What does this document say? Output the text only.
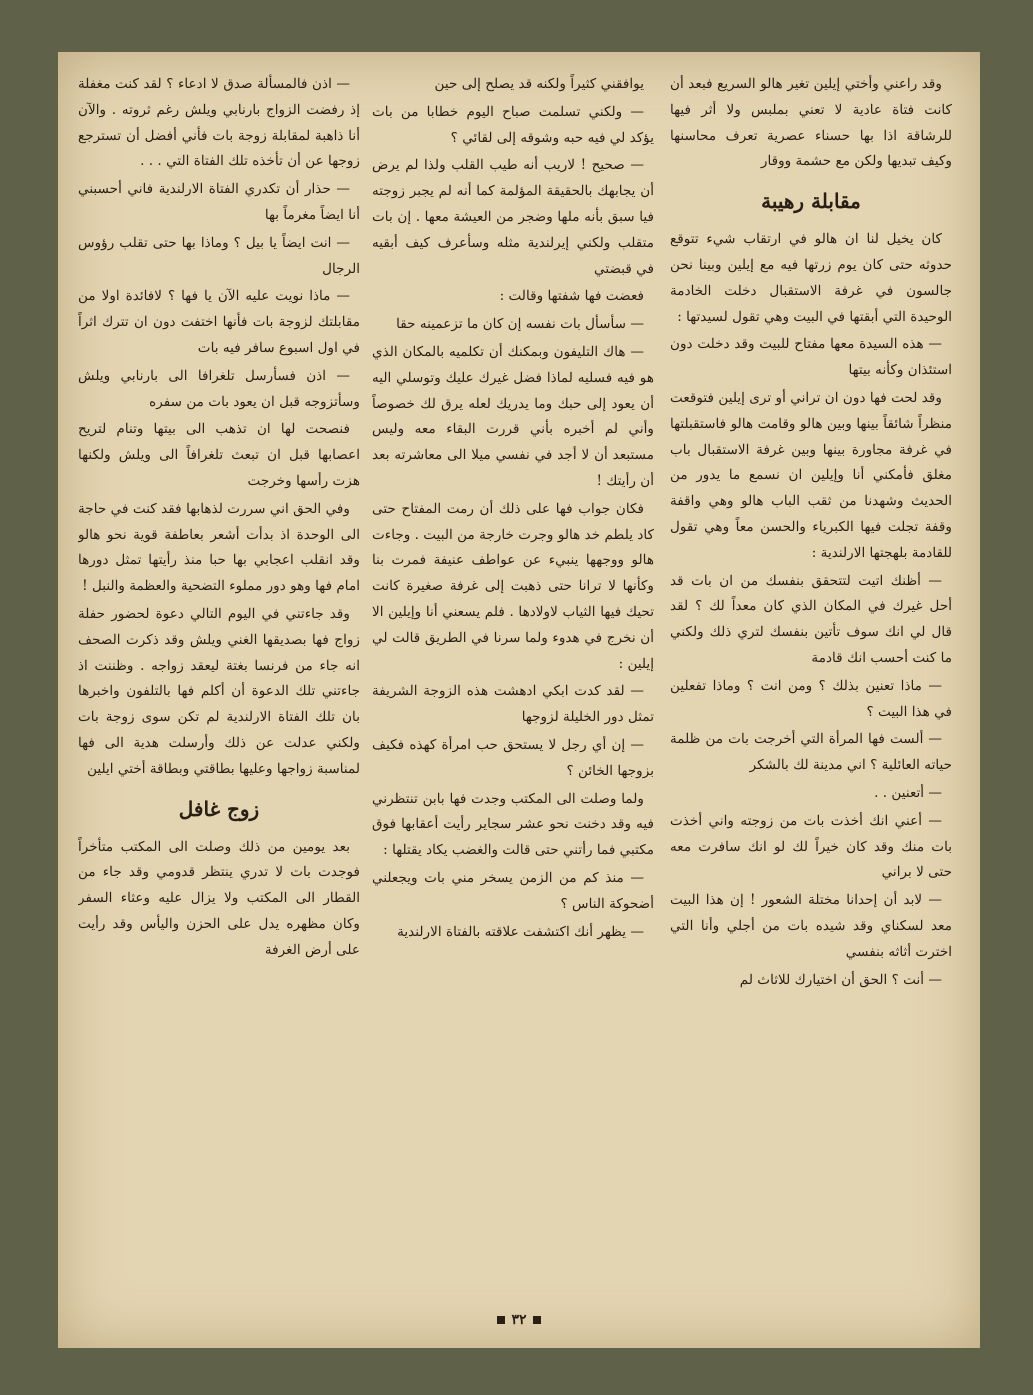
وقد راعني وأختي إيلين تغير هالو السريع فبعد أن كانت فتاة عادية لا تعني بملبس ولا أثر فيها للرشاقة اذا بها حسناء عصرية تعرف محاسنها وكيف تبديها ولكن مع حشمة ووقار

مقابلة رهيبة

كان يخيل لنا ان هالو في ارتقاب شيء تتوقع حدوثه حتى كان يوم زرتها فيه مع إيلين وبينا نحن جالسون في غرفة الاستقبال دخلت الخادمة الوحيدة التي أبقتها في البيت وهي تقول لسيدتها :

— هذه السيدة معها مفتاح للبيت وقد دخلت دون استئذان وكأنه بيتها

وقد لحت فها دون ان تراني أو ترى إيلين فتوقعت منظراً شائقاً بينها وبين هالو وقامت هالو فاستقبلتها في غرفة مجاورة بينها وبين غرفة الاستقبال باب مغلق فأمكني أنا وإيلين ان نسمع ما يدور من الحديث وشهدنا من ثقب الباب هالو وهي واقفة وقفة تجلت فيها الكبرياء والحسن معاً وهي تقول للقادمة بلهجتها الارلندية :

— أظنك اتيت لتتحقق بنفسك من ان بات قد أحل غيرك في المكان الذي كان معداً لك ؟ لقد قال لي انك سوف تأتين بنفسك لتري ذلك ولكني ما كنت أحسب انك قادمة

— ماذا تعنين بذلك ؟ ومن انت ؟ وماذا تفعلين في هذا البيت ؟

— ألست فها المرأة التي أخرجت بات من ظلمة حياته العائلية ؟ اني مدينة لك بالشكر

— أتعنين . .

— أعني انك أخذت بات من زوجته واني أخذت بات منك وقد كان خيراً لك لو انك سافرت معه حتى لا براني

— لابد أن إحدانا مختلة الشعور ! إن هذا البيت معد لسكناي وقد شيده بات من أجلي وأنا التي اخترت أثاثه بنفسي

— أنت ؟ الحق أن اختيارك للاثاث لم

يوافقني كثيراً ولكنه قد يصلح إلى حين

— ولكني تسلمت صباح اليوم خطابا من بات يؤكد لي فيه حبه وشوقه إلى لقائي ؟

— صحيح ! لاريب أنه طيب القلب ولذا لم يرض أن يجابهك بالحقيقة المؤلمة كما أنه لم يجبر زوجته فيا سبق بأنه ملها وضجر من العيشة معها . إن بات متقلب ولكني إيرلندية مثله وسأعرف كيف أبقيه في قبضتي

فعضت فها شفتها وقالت :

— سأسأل بات نفسه إن كان ما تزعمينه حقا

— هاك التليفون وبمكنك أن تكلميه بالمكان الذي هو فيه فسليه لماذا فضل غيرك عليك وتوسلي اليه أن يعود إلى حبك وما يدريك لعله يرق لك خصوصاً وأني لم أخبره بأني قررت البقاء معه وليس مستبعد أن لا أجد في نفسي ميلا الى معاشرته بعد أن رأيتك !

فكان جواب فها على ذلك أن رمت المفتاح حتى كاد يلطم خد هالو وجرت خارجة من البيت . وجاءت هالو ووجهها ينبيء عن عواطف عنيفة فمرت بنا وكأنها لا ترانا حتى ذهبت إلى غرفة صغيرة كانت تحيك فيها الثياب لاولادها . فلم يسعني أنا وإيلين الا أن نخرج في هدوء ولما سرنا في الطريق قالت لي إيلين :

— لقد كدت ابكي ادهشت هذه الزوجة الشريفة تمثل دور الخليلة لزوجها

— إن أي رجل لا يستحق حب امرأة كهذه فكيف بزوجها الخائن ؟

ولما وصلت الى المكتب وجدت فها بابن تنتظرني فيه وقد دخنت نحو عشر سجاير رأيت أعقابها فوق مكتبي فما رأتني حتى قالت والغضب يكاد يقتلها :

— منذ كم من الزمن يسخر مني بات ويجعلني أضحوكة الناس ؟

— يظهر أنك اكتشفت علاقته بالفتاة الارلندية

— اذن فالمسألة صدق لا ادعاء ؟ لقد كنت مغفلة إذ رفضت الزواج بارنابي ويلش رغم ثروته . والآن أنا ذاهبة لمقابلة زوجة بات فأني أفضل أن تسترجع زوجها عن أن تأخذه تلك الفتاة التي . . .

— حذار أن تكدري الفتاة الارلندية فاني أحسبني أنا ايضاً مغرماً بها

— انت ايضاً يا بيل ؟ وماذا بها حتى تقلب رؤوس الرجال

— ماذا نويت عليه الآن يا فها ؟ لافائدة اولا من مقابلتك لزوجة بات فأنها اختفت دون ان تترك اثراً في اول اسبوع سافر فيه بات

— اذن فسأرسل تلغرافا الى بارنابي ويلش وسأتزوجه قبل ان يعود بات من سفره

فنصحت لها ان تذهب الى بيتها وتنام لتريح اعصابها قبل ان تبعث تلغرافاً الى ويلش ولكنها هزت رأسها وخرجت

وفي الحق اني سررت لذهابها فقد كنت في حاجة الى الوحدة اذ بدأت أشعر بعاطفة قوية نحو هالو وقد انقلب اعجابي بها حبا منذ رأيتها تمثل دورها امام فها وهو دور مملوء التضحية والعظمة والنبل !

وقد جاءتني في اليوم التالي دعوة لحضور حفلة زواج فها بصديقها الغني ويلش وقد ذكرت الصحف انه جاء من فرنسا بغتة ليعقد زواجه . وظننت اذ جاءتني تلك الدعوة أن أكلم فها بالتلفون واخبرها بان تلك الفتاة الارلندية لم تكن سوى زوجة بات ولكني عدلت عن ذلك وأرسلت هدية الى فها لمناسبة زواجها وعليها بطاقتي وبطاقة أختي ايلين

زوج غافل

بعد يومين من ذلك وصلت الى المكتب متأخراً فوجدت بات لا تدري ينتظر قدومي وقد جاء من القطار الى المكتب ولا يزال عليه وعثاء السفر وكان مظهره يدل على الحزن واليأس وقد رأيت على أرض الغرفة

٣٢
